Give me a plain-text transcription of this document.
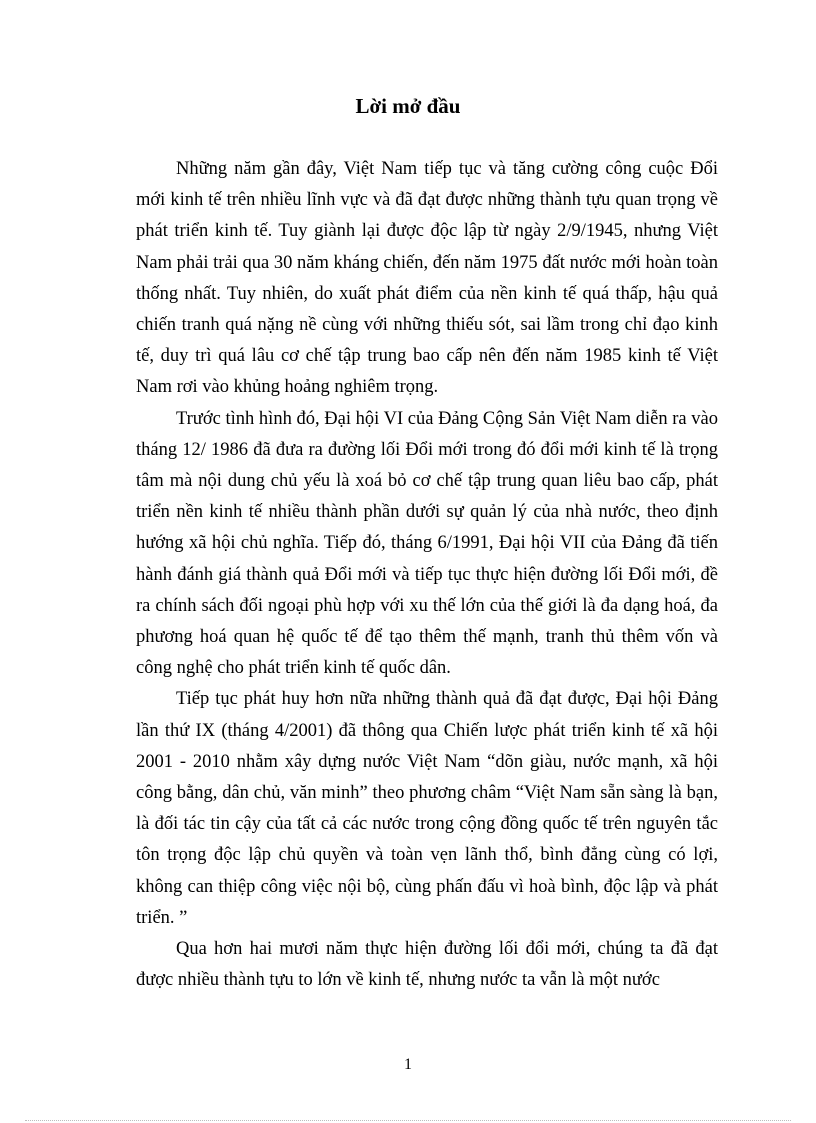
Lời mở đầu

Những năm gần đây, Việt Nam tiếp tục và tăng cường công cuộc Đổi mới kinh tế trên nhiều lĩnh vực và đã đạt được những thành tựu quan trọng về phát triển kinh tế. Tuy giành lại được độc lập từ ngày 2/9/1945, nhưng Việt Nam phải trải qua 30 năm kháng chiến, đến năm 1975 đất nước mới hoàn toàn thống nhất. Tuy nhiên, do xuất phát điểm của nền kinh tế quá thấp, hậu quả chiến tranh quá nặng nề cùng với những thiếu sót, sai lầm trong chỉ đạo kinh tế, duy trì quá lâu cơ chế tập trung bao cấp nên đến năm 1985 kinh tế Việt Nam rơi vào khủng hoảng nghiêm trọng.

Trước tình hình đó, Đại hội VI của Đảng Cộng Sản Việt Nam diễn ra vào tháng 12/ 1986 đã đưa ra đường lối Đổi mới trong đó đổi mới kinh tế là trọng tâm mà nội dung chủ yếu là xoá bỏ cơ chế tập trung quan liêu bao cấp, phát triển nền kinh tế nhiều thành phần dưới sự quản lý của nhà nước, theo định hướng xã hội chủ nghĩa. Tiếp đó, tháng 6/1991, Đại hội VII của Đảng đã tiến hành đánh giá thành quả Đổi mới và tiếp tục thực hiện đường lối Đổi mới, đề ra chính sách đối ngoại phù hợp với xu thế lớn của thế giới là đa dạng hoá, đa phương hoá quan hệ quốc tế để tạo thêm thế mạnh, tranh thủ thêm vốn và công nghệ cho phát triển kinh tế quốc dân.

Tiếp tục phát huy hơn nữa những thành quả đã đạt được, Đại hội Đảng lần thứ IX (tháng 4/2001) đã thông qua Chiến lược phát triển kinh tế xã hội 2001 - 2010 nhằm xây dựng nước Việt Nam “dõn giàu, nước mạnh, xã hội công bằng, dân chủ, văn minh” theo phương châm “Việt Nam sẵn sàng là bạn, là đối tác tin cậy của tất cả các nước trong cộng đồng quốc tế trên nguyên tắc tôn trọng độc lập chủ quyền và toàn vẹn lãnh thổ, bình đẳng cùng có lợi, không can thiệp công việc nội bộ, cùng phấn đấu vì hoà bình, độc lập và phát triển. ”

Qua hơn hai mươi năm thực hiện đường lối đổi mới, chúng ta đã đạt được nhiều thành tựu to lớn về kinh tế, nhưng nước ta vẫn là một nước

1
